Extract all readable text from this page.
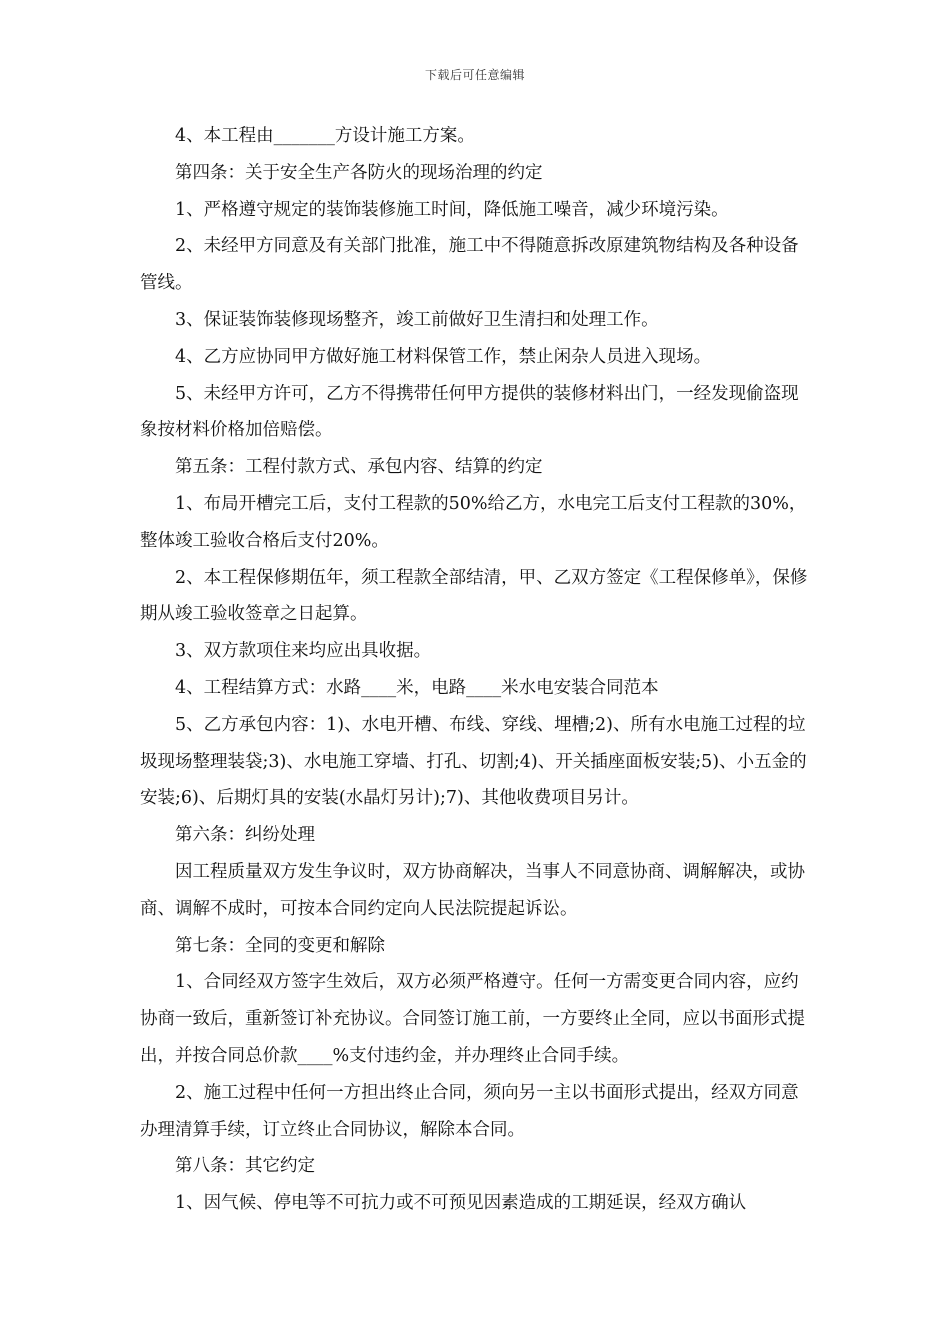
下载后可任意编辑

4、本工程由_______方设计施工方案。

第四条：关于安全生产各防火的现场治理的约定

1、严格遵守规定的装饰装修施工时间，降低施工噪音，减少环境污染。

2、未经甲方同意及有关部门批准，施工中不得随意拆改原建筑物结构及各种设备管线。

3、保证装饰装修现场整齐，竣工前做好卫生清扫和处理工作。

4、乙方应协同甲方做好施工材料保管工作，禁止闲杂人员进入现场。

5、未经甲方许可，乙方不得携带任何甲方提供的装修材料出门，一经发现偷盗现象按材料价格加倍赔偿。

第五条：工程付款方式、承包内容、结算的约定

1、布局开槽完工后，支付工程款的50%给乙方，水电完工后支付工程款的30%，整体竣工验收合格后支付20%。

2、本工程保修期伍年，须工程款全部结清，甲、乙双方签定《工程保修单》，保修期从竣工验收签章之日起算。

3、双方款项住来均应出具收据。

4、工程结算方式：水路____米，电路____米水电安装合同范本

5、乙方承包内容：1)、水电开槽、布线、穿线、埋槽;2)、所有水电施工过程的垃圾现场整理装袋;3)、水电施工穿墙、打孔、切割;4)、开关插座面板安装;5)、小五金的安装;6)、后期灯具的安装(水晶灯另计);7)、其他收费项目另计。

第六条：纠纷处理

因工程质量双方发生争议时，双方协商解决，当事人不同意协商、调解解决，或协商、调解不成时，可按本合同约定向人民法院提起诉讼。

第七条：全同的变更和解除

1、合同经双方签字生效后，双方必须严格遵守。任何一方需变更合同内容，应约协商一致后，重新签订补充协议。合同签订施工前，一方要终止全同，应以书面形式提出，并按合同总价款____%支付违约金，并办理终止合同手续。

2、施工过程中任何一方担出终止合同，须向另一主以书面形式提出，经双方同意办理清算手续，订立终止合同协议，解除本合同。

第八条：其它约定

1、因气候、停电等不可抗力或不可预见因素造成的工期延误，经双方确认
